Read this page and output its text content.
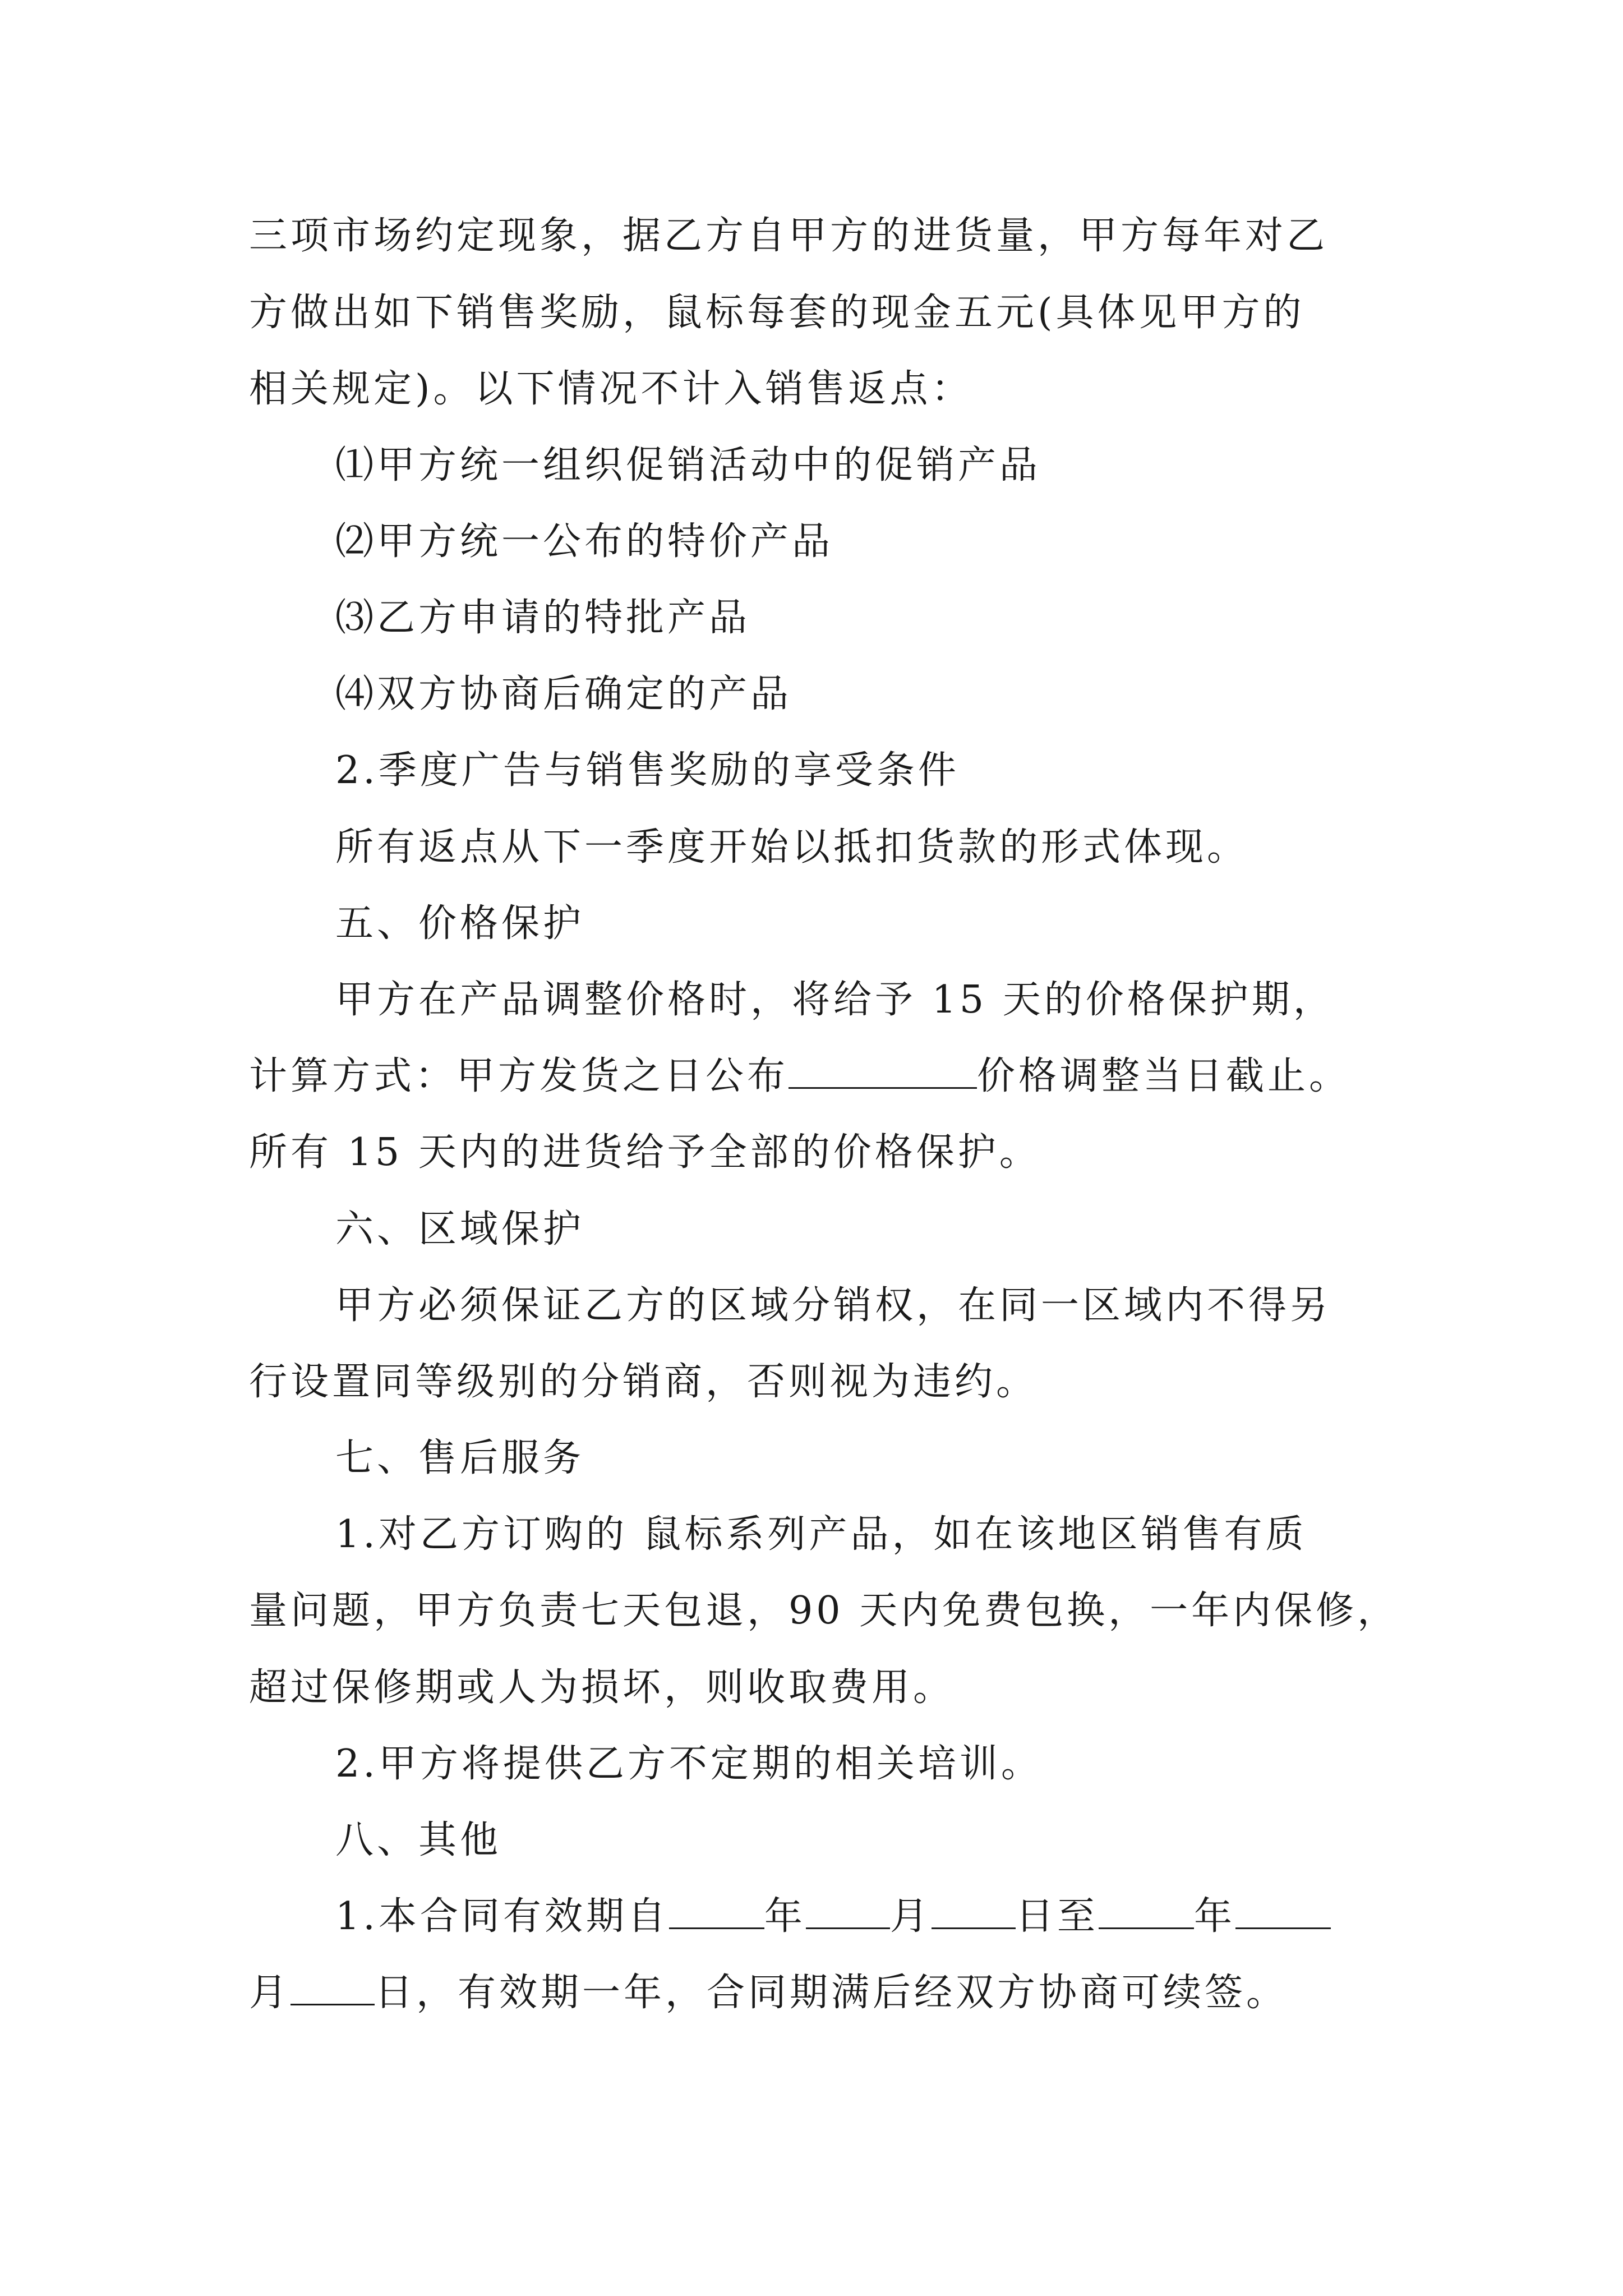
三项市场约定现象，据乙方自甲方的进货量，甲方每年对乙
方做出如下销售奖励，鼠标每套的现金五元(具体见甲方的
相关规定)。以下情况不计入销售返点：
⑴甲方统一组织促销活动中的促销产品
⑵甲方统一公布的特价产品
⑶乙方申请的特批产品
⑷双方协商后确定的产品
2.季度广告与销售奖励的享受条件
所有返点从下一季度开始以抵扣货款的形式体现。
五、价格保护
甲方在产品调整价格时，将给予 15 天的价格保护期，
计算方式：甲方发货之日公布	价格调整当日截止。
所有 15 天内的进货给予全部的价格保护。
六、区域保护
甲方必须保证乙方的区域分销权，在同一区域内不得另
行设置同等级别的分销商，否则视为违约。
七、售后服务
1.对乙方订购的 鼠标系列产品，如在该地区销售有质
量问题，甲方负责七天包退，90 天内免费包换，一年内保修，
超过保修期或人为损坏，则收取费用。
2.甲方将提供乙方不定期的相关培训。
八、其他
1.本合同有效期自	年 月 日至	年
月 日，有效期一年，合同期满后经双方协商可续签。
